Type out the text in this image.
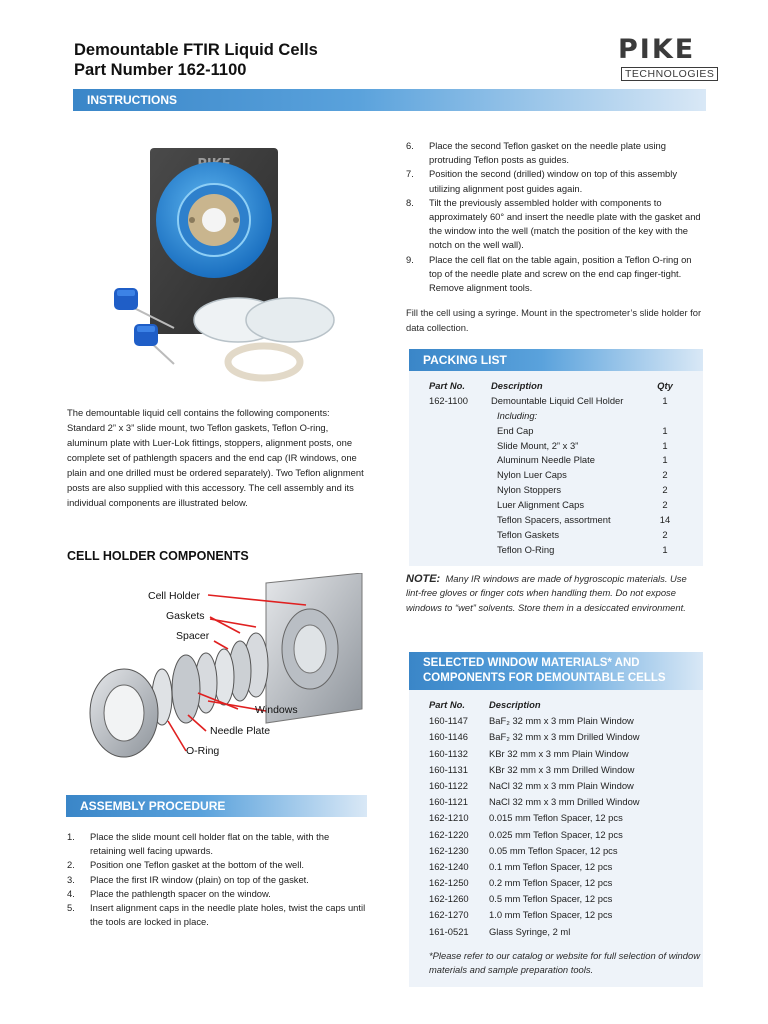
Demountable FTIR Liquid Cells
Part Number 162-1100
PIKE
TECHNOLOGIES
INSTRUCTIONS
The demountable liquid cell contains the following components: Standard 2” x 3” slide mount, two Teflon gaskets, Teflon O-ring, aluminum plate with Luer-Lok fittings, stoppers, alignment posts, one complete set of pathlength spacers and the end cap (IR windows, one plain and one drilled must be ordered separately). Two Teflon alignment posts are also supplied with this accessory. The cell assembly and its individual components are illustrated below.
CELL HOLDER COMPONENTS
Cell Holder
Gaskets
Spacer
Windows
Needle Plate
O-Ring
ASSEMBLY PROCEDURE
1. Place the slide mount cell holder flat on the table, with the retaining well facing upwards.
2. Position one Teflon gasket at the bottom of the well.
3. Place the first IR window (plain) on top of the gasket.
4. Place the pathlength spacer on the window.
5. Insert alignment caps in the needle plate holes, twist the caps until the tools are locked in place.
6. Place the second Teflon gasket on the needle plate using protruding Teflon posts as guides.
7. Position the second (drilled) window on top of this assembly utilizing alignment post guides again.
8. Tilt the previously assembled holder with components to approximately 60° and insert the needle plate with the gasket and the window into the well (match the position of the key with the notch on the well wall).
9. Place the cell flat on the table again, position a Teflon O-ring on top of the needle plate and screw on the end cap finger-tight. Remove alignment tools.
Fill the cell using a syringe. Mount in the spectrometer’s slide holder for data collection.
PACKING LIST
Part No.	Description	Qty
162-1100	Demountable Liquid Cell Holder	1
	Including:	
	End Cap	1
	Slide Mount, 2” x 3”	1
	Aluminum Needle Plate	1
	Nylon Luer Caps	2
	Nylon Stoppers	2
	Luer Alignment Caps	2
	Teflon Spacers, assortment	14
	Teflon Gaskets	2
	Teflon O-Ring	1
NOTE: Many IR windows are made of hygroscopic materials. Use lint-free gloves or finger cots when handling them. Do not expose windows to “wet” solvents. Store them in a desiccated environment.
SELECTED WINDOW MATERIALS* AND
COMPONENTS FOR DEMOUNTABLE CELLS
Part No.	Description
160-1147	BaF₂ 32 mm x 3 mm Plain Window
160-1146	BaF₂ 32 mm x 3 mm Drilled Window
160-1132	KBr 32 mm x 3 mm Plain Window
160-1131	KBr 32 mm x 3 mm Drilled Window
160-1122	NaCl 32 mm x 3 mm Plain Window
160-1121	NaCl 32 mm x 3 mm Drilled Window
162-1210	0.015 mm Teflon Spacer, 12 pcs
162-1220	0.025 mm Teflon Spacer, 12 pcs
162-1230	0.05 mm Teflon Spacer, 12 pcs
162-1240	0.1 mm Teflon Spacer, 12 pcs
162-1250	0.2 mm Teflon Spacer, 12 pcs
162-1260	0.5 mm Teflon Spacer, 12 pcs
162-1270	1.0 mm Teflon Spacer, 12 pcs
161-0521	Glass Syringe, 2 ml
*Please refer to our catalog or website for full selection of window materials and sample preparation tools.
